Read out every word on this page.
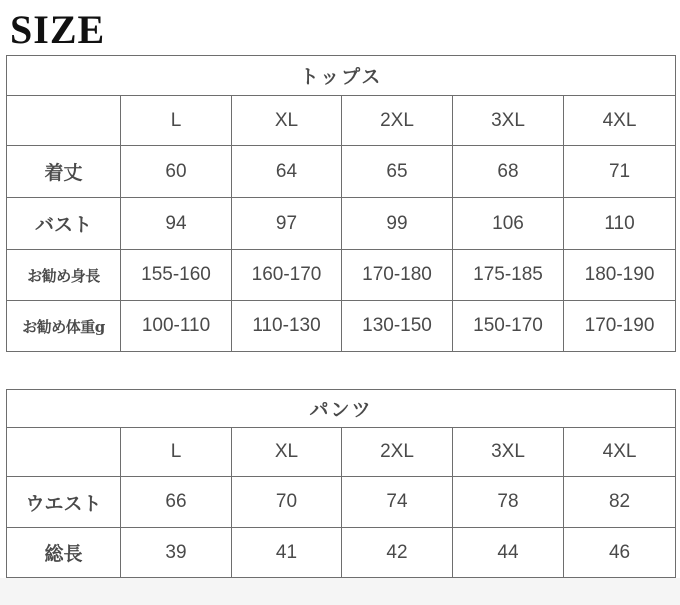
SIZE
トップス					
	L	XL	2XL	3XL	4XL
着丈	60	64	65	68	71
バスト	94	97	99	106	110
お勧め身長	155-160	160-170	170-180	175-185	180-190
お勧め体重g	100-110	110-130	130-150	150-170	170-190
パンツ					
	L	XL	2XL	3XL	4XL
ウエスト	66	70	74	78	82
総長	39	41	42	44	46
